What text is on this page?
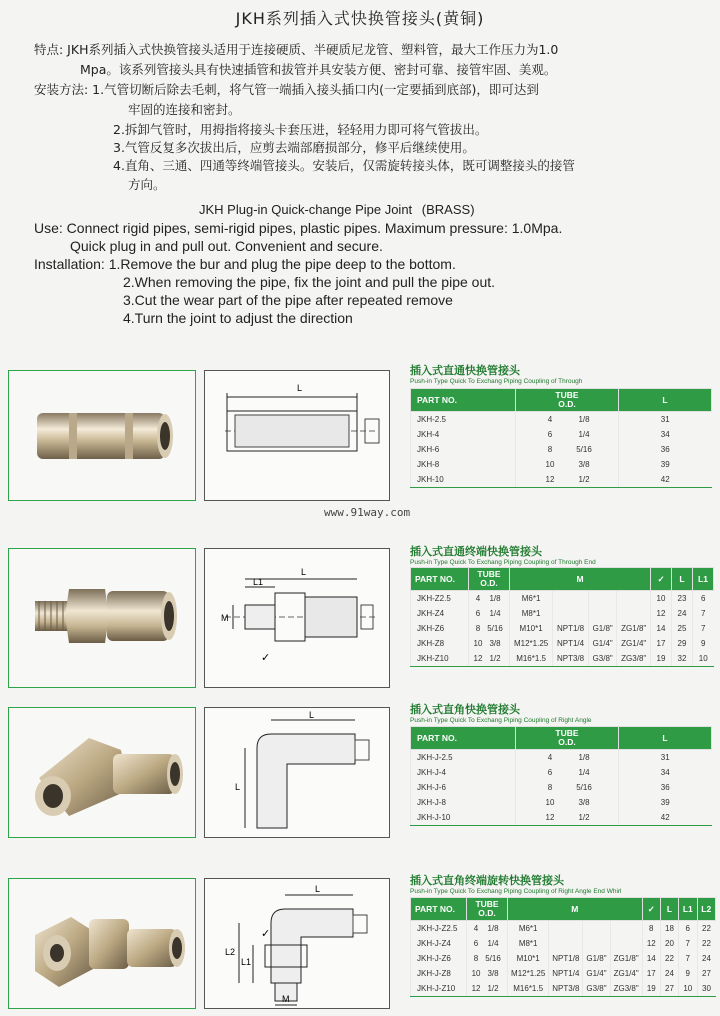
JKH系列插入式快换管接头(黄铜)
特点: JKH系列插入式快换管接头适用于连接硬质、半硬质尼龙管、塑料管，最大工作压力为1.0
Mpa。该系列管接头具有快速插管和拔管并具安装方便、密封可靠、接管牢固、美观。
安装方法: 1.气管切断后除去毛刺，将气管一端插入接头插口内(一定要插到底部)，即可达到
牢固的连接和密封。
2.拆卸气管时，用拇指将接头卡套压进，轻轻用力即可将气管拔出。
3.气管反复多次拔出后，应剪去端部磨损部分，修平后继续使用。
4.直角、三通、四通等终端管接头。安装后，仅需旋转接头体，既可调整接头的接管
方向。
JKH Plug-in Quick-change Pipe Joint (BRASS)
Use: Connect rigid pipes, semi-rigid pipes, plastic pipes. Maximum pressure: 1.0Mpa.
Quick plug in and pull out. Convenient and secure.
Installation: 1.Remove the bur and plug the pipe deep to the bottom.
2.When removing the pipe, fix the joint and pull the pipe out.
3.Cut the wear part of the pipe after repeated remove
4.Turn the joint to adjust the direction
L
插入式直通快换管接头
Push-in Type Quick To Exchang Piping Coupling of Through
PART NO.	TUBE
O.D.	L
JKH-2.5	4 1/8	31
JKH-4	6 1/4	34
JKH-6	8 5/16	36
JKH-8	10 3/8	39
JKH-10	12 1/2	42
www.91way.com
L
L1
M
✓
插入式直通终端快换管接头
Push-in Type Quick To Exchang Piping Coupling of Through End
PART NO.	TUBE
O.D.	M				✓	L	L1
JKH-Z2.5	4 1/8	M6*1				10	23	6
JKH-Z4	6 1/4	M8*1				12	24	7
JKH-Z6	8 5/16	M10*1	NPT1/8	G1/8"	ZG1/8"	14	25	7
JKH-Z8	10 3/8	M12*1.25	NPT1/4	G1/4"	ZG1/4"	17	29	9
JKH-Z10	12 1/2	M16*1.5	NPT3/8	G3/8"	ZG3/8"	19	32	10
L
L
插入式直角快换管接头
Push-in Type Quick To Exchang Piping Coupling of Right Angle
PART NO.	TUBE
O.D.	L
JKH-J-2.5	4 1/8	31
JKH-J-4	6 1/4	34
JKH-J-6	8 5/16	36
JKH-J-8	10 3/8	39
JKH-J-10	12 1/2	42
L
L1
L2
M
✓
插入式直角终端旋转快换管接头
Push-in Type Quick To Exchang Piping Coupling of Right Angle End Whirl
PART NO.	TUBE
O.D.	M				✓	L	L1	L2
JKH-J-Z2.5	4 1/8	M6*1				8	18	6	22
JKH-J-Z4	6 1/4	M8*1				12	20	7	22
JKH-J-Z6	8 5/16	M10*1	NPT1/8	G1/8"	ZG1/8"	14	22	7	24
JKH-J-Z8	10 3/8	M12*1.25	NPT1/4	G1/4"	ZG1/4"	17	24	9	27
JKH-J-Z10	12 1/2	M16*1.5	NPT3/8	G3/8"	ZG3/8"	19	27	10	30
